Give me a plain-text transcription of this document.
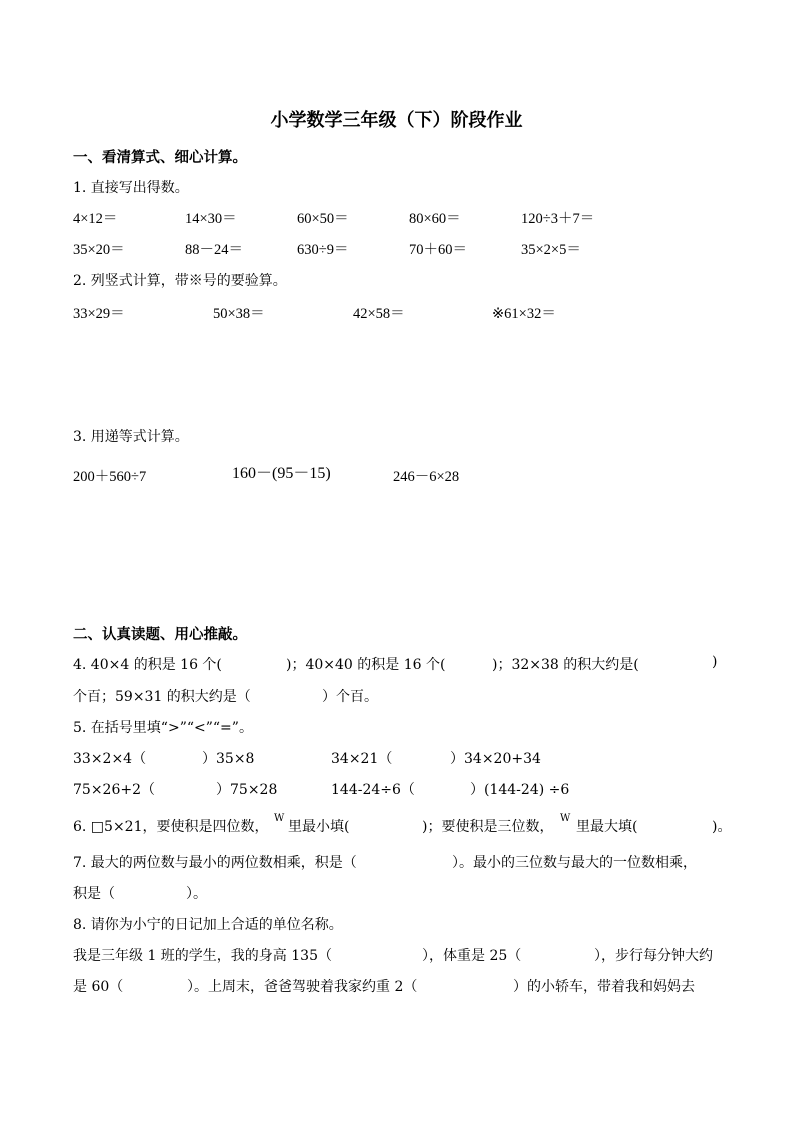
小学数学三年级（下）阶段作业
一、看清算式、细心计算。
1. 直接写出得数。
4×12＝	14×30＝	60×50＝	80×60＝	120÷3＋7＝
35×20＝	88－24＝	630÷9＝	70＋60＝	35×2×5＝
2. 列竖式计算，带※号的要验算。
33×29＝	50×38＝	42×58＝	※61×32＝
3. 用递等式计算。
200＋560÷7	160－(95－15)	246－6×28
二、认真读题、用心推敲。
4. 40×4 的积是 16 个(	)；40×40 的积是 16 个(	)；32×38 的积大约是(	)
个百；59×31 的积大约是（	）个百。
5. 在括号里填“>”“<”“=”。
33×2×4（	）35×8	34×21（	）34×20+34
75×26+2（	）75×28	144-24÷6（	）(144-24) ÷6
6. □5×21，要使积是四位数，
W
里最小填(	)；要使积是三位数，
W
里最大填(	)。
7. 最大的两位数与最小的两位数相乘，积是（	）。最小的三位数与最大的一位数相乘，
积是（	）。
8. 请你为小宁的日记加上合适的单位名称。
我是三年级 1 班的学生，我的身高 135（	），体重是 25（	），步行每分钟大约
是 60（	）。上周末，爸爸驾驶着我家约重 2（	）的小轿车，带着我和妈妈去
